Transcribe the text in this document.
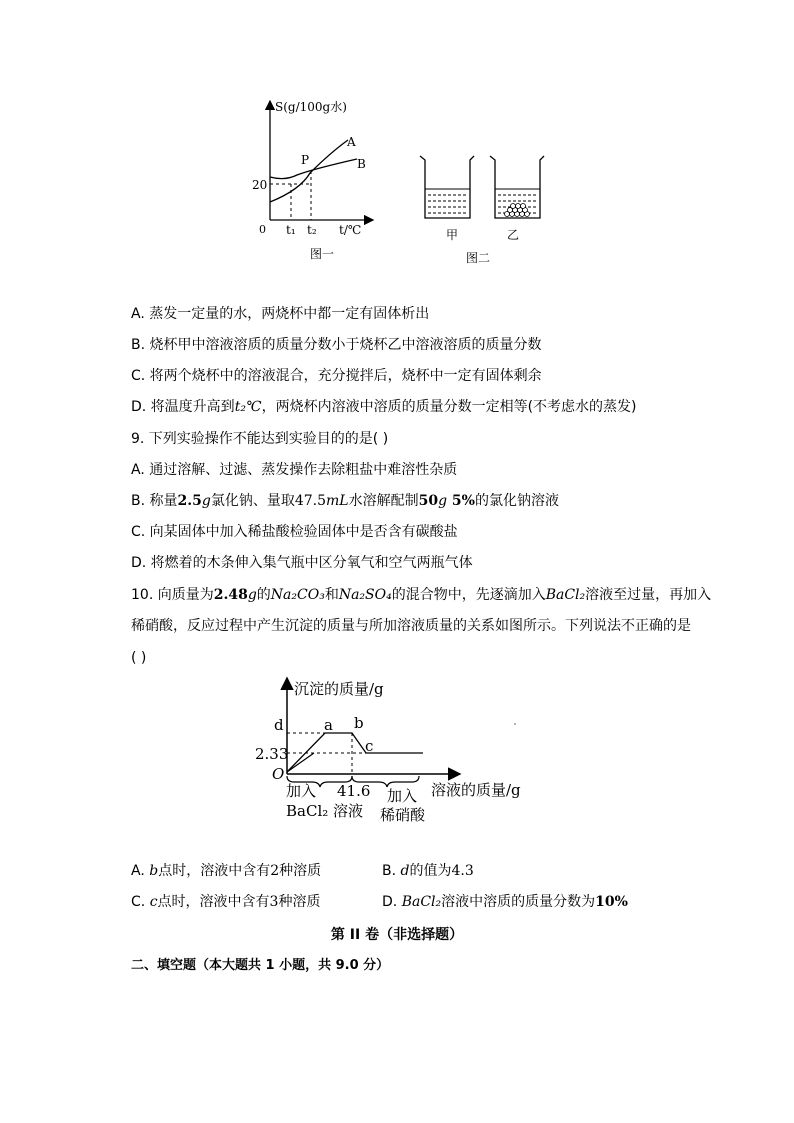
S(g/100g水)
A
B
P
20
0 t₁ t₂ t/℃
图一
甲	乙
图二
A. 蒸发一定量的水，两烧杯中都一定有固体析出
B. 烧杯甲中溶液溶质的质量分数小于烧杯乙中溶液溶质的质量分数
C. 将两个烧杯中的溶液混合，充分搅拌后，烧杯中一定有固体剩余
D. 将温度升高到t₂℃，两烧杯内溶液中溶质的质量分数一定相等(不考虑水的蒸发)
9. 下列实验操作不能达到实验目的的是( )
A. 通过溶解、过滤、蒸发操作去除粗盐中难溶性杂质
B. 称量2.5g氯化钠、量取47.5mL水溶解配制50g 5%的氯化钠溶液
C. 向某固体中加入稀盐酸检验固体中是否含有碳酸盐
D. 将燃着的木条伸入集气瓶中区分氧气和空气两瓶气体
10. 向质量为2.48g的Na₂CO₃和Na₂SO₄的混合物中，先逐滴加入BaCl₂溶液至过量，再加入
稀硝酸，反应过程中产生沉淀的质量与所加溶液质量的关系如图所示。下列说法不正确的是
( )
沉淀的质量/g
d	a b
c
2.33
O
溶液的质量/g
加入 41.6
BaCl₂ 溶液
加入
稀硝酸
A. b点时，溶液中含有2种溶质	B. d的值为4.3
C. c点时，溶液中含有3种溶质	D. BaCl₂溶液中溶质的质量分数为10%
第 II 卷（非选择题）
二、填空题（本大题共 1 小题，共 9.0 分）
